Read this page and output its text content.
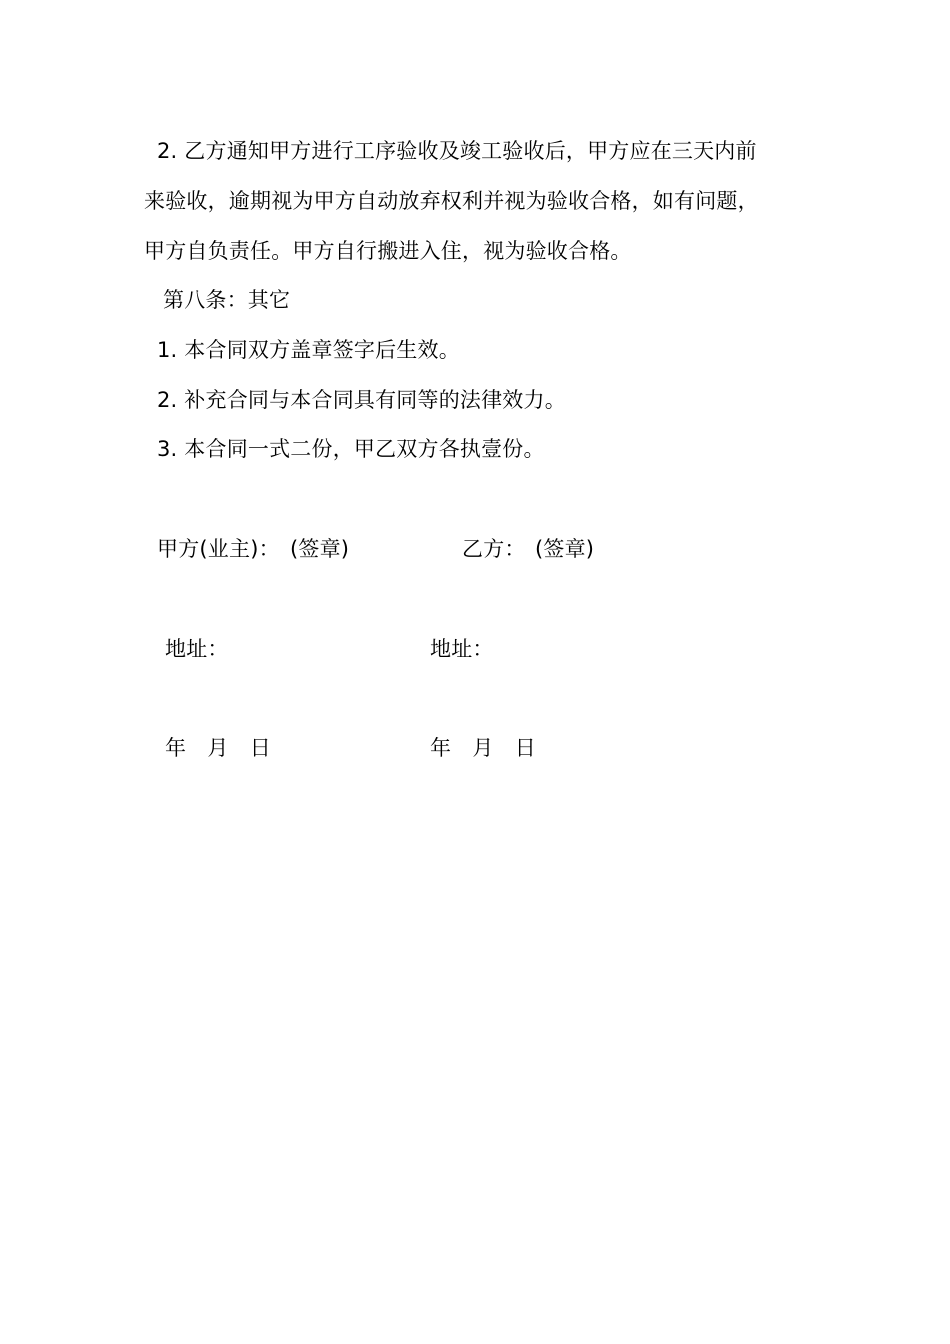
2. 乙方通知甲方进行工序验收及竣工验收后，甲方应在三天内前
来验收，逾期视为甲方自动放弃权利并视为验收合格，如有问题，
甲方自负责任。甲方自行搬进入住，视为验收合格。
第八条：其它
1. 本合同双方盖章签字后生效。
2. 补充合同与本合同具有同等的法律效力。
3. 本合同一式二份，甲乙双方各执壹份。
甲方(业主)： (签章)	乙方： (签章)
地址：	地址：
年　月　日	年　月　日
